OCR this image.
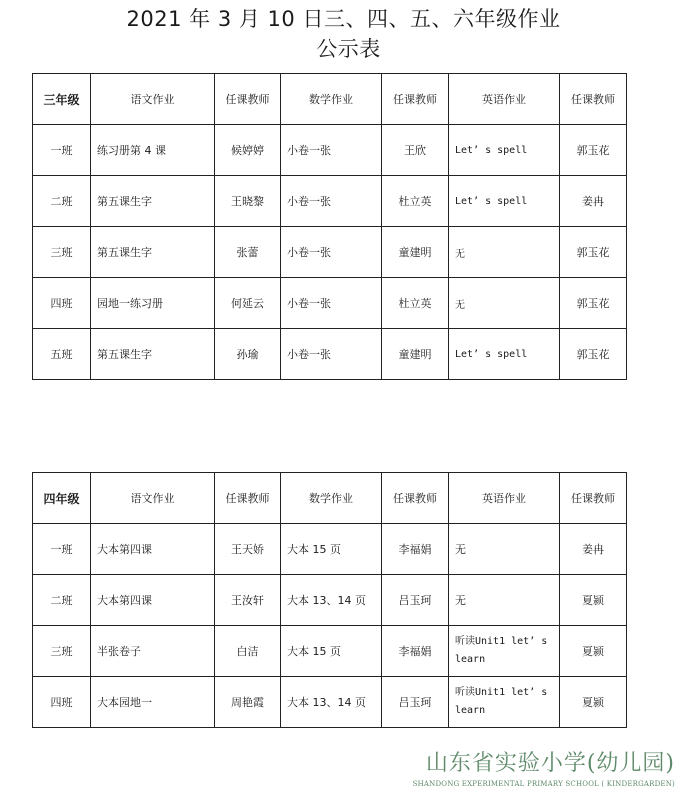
2021 年 3 月 10 日三、四、五、六年级作业
公示表
三年级	语文作业	任课教师	数学作业	任课教师	英语作业	任课教师
一班	练习册第 4 课	候婷婷	小卷一张	王欣	Let’ s spell	郭玉花
二班	第五课生字	王晓黎	小卷一张	杜立英	Let’ s spell	姜冉
三班	第五课生字	张蕾	小卷一张	童建明	无	郭玉花
四班	园地一练习册	何延云	小卷一张	杜立英	无	郭玉花
五班	第五课生字	孙瑜	小卷一张	童建明	Let’ s spell	郭玉花
四年级	语文作业	任课教师	数学作业	任课教师	英语作业	任课教师
一班	大本第四课	王天娇	大本 15 页	李福娟	无	姜冉
二班	大本第四课	王汝轩	大本 13、14 页	吕玉珂	无	夏颍
三班	半张卷子	白洁	大本 15 页	李福娟	听读Unit1 let’ s learn	夏颍
四班	大本园地一	周艳霞	大本 13、14 页	吕玉珂	听读Unit1 let’ s learn	夏颍
山东省实验小学(幼儿园)
SHANDONG EXPERIMENTAL PRIMARY SCHOOL ( KINDERGARDEN)
